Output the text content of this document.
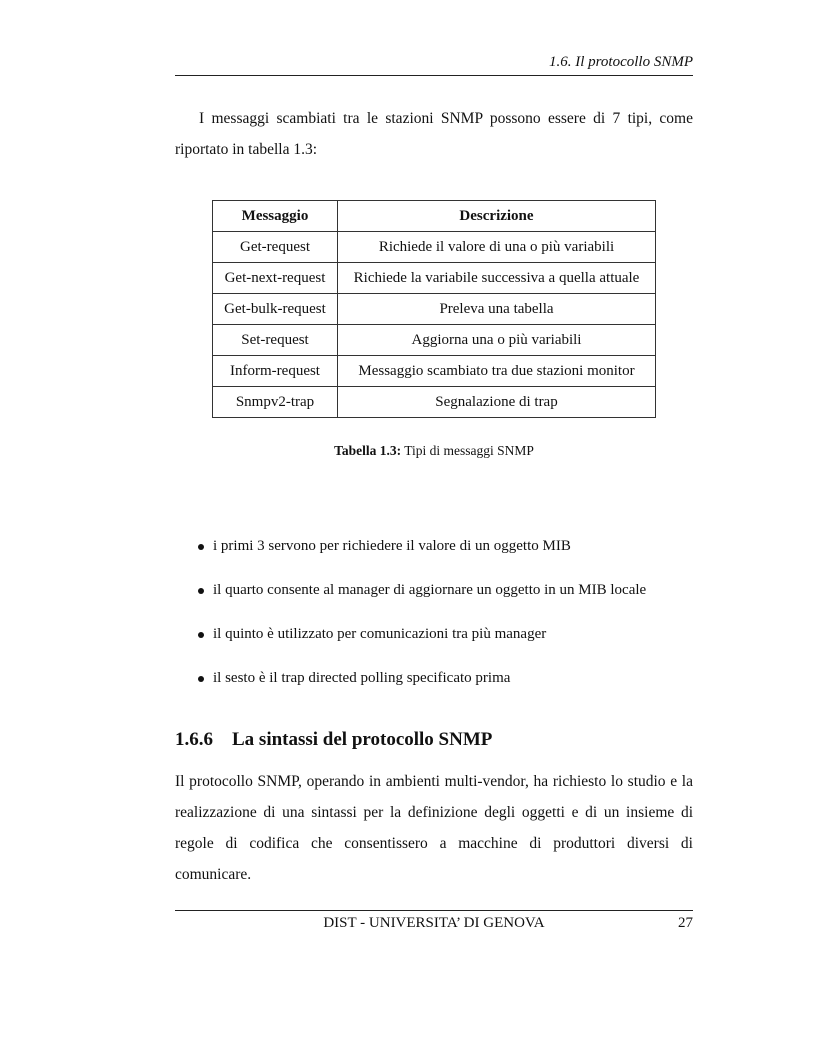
1.6. Il protocollo SNMP

I messaggi scambiati tra le stazioni SNMP possono essere di 7 tipi, come riportato in tabella 1.3:

Messaggio	Descrizione
Get-request	Richiede il valore di una o più variabili
Get-next-request	Richiede la variabile successiva a quella attuale
Get-bulk-request	Preleva una tabella
Set-request	Aggiorna una o più variabili
Inform-request	Messaggio scambiato tra due stazioni monitor
Snmpv2-trap	Segnalazione di trap
Tabella 1.3: Tipi di messaggi SNMP
i primi 3 servono per richiedere il valore di un oggetto MIB
il quarto consente al manager di aggiornare un oggetto in un MIB locale
il quinto è utilizzato per comunicazioni tra più manager
il sesto è il trap directed polling specificato prima
1.6.6 La sintassi del protocollo SNMP

Il protocollo SNMP, operando in ambienti multi-vendor, ha richiesto lo studio e la realizzazione di una sintassi per la definizione degli oggetti e di un insieme di regole di codifica che consentissero a macchine di produttori diversi di comunicare.

DIST - UNIVERSITA’ DI GENOVA	27
